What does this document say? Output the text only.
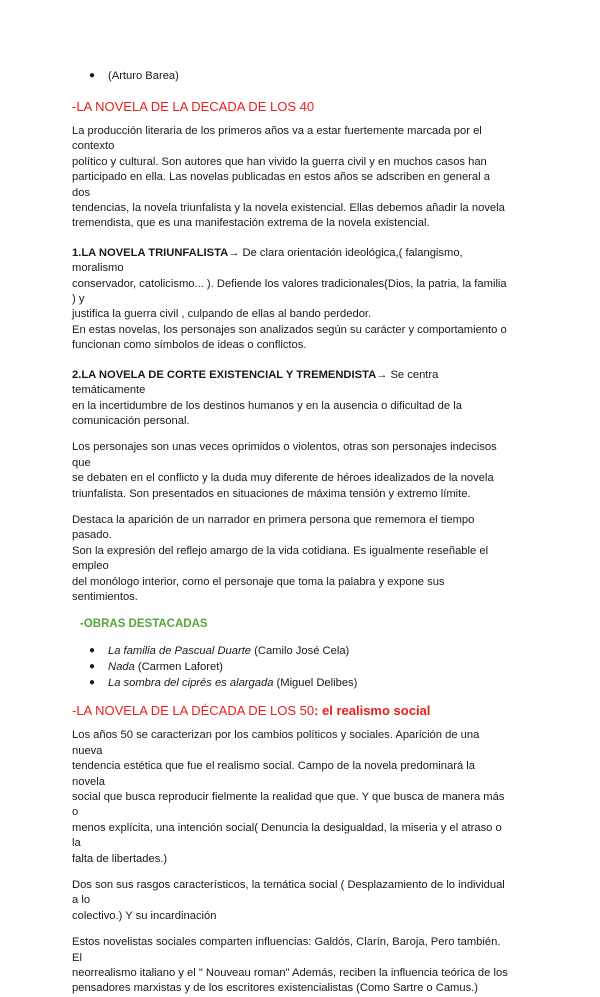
● (Arturo Barea)
-LA NOVELA DE LA DECADA DE LOS 40

La producción literaria de los primeros años va a estar fuertemente marcada por el contexto

político y cultural. Son autores que han vivido la guerra civil y en muchos casos han

participado en ella. Las novelas publicadas en estos años se adscriben en general a dos

tendencias, la novela triunfalista y la novela existencial. Ellas debemos añadir la novela

tremendista, que es una manifestación extrema de la novela existencial.

1.LA NOVELA TRIUNFALISTA→ De clara orientación ideológica,( falangismo, moralismo

conservador, catolicismo... ). Defiende los valores tradicionales(Dios, la patria, la familia ) y

justifica la guerra civil , culpando de ellas al bando perdedor.

En estas novelas, los personajes son analizados según su carácter y comportamiento o

funcionan como símbolos de ideas o conflictos.

2.LA NOVELA DE CORTE EXISTENCIAL Y TREMENDISTA→ Se centra temáticamente

en la incertidumbre de los destinos humanos y en la ausencia o dificultad de la

comunicación personal.

Los personajes son unas veces oprimidos o violentos, otras son personajes indecisos que

se debaten en el conflicto y la duda muy diferente de héroes idealizados de la novela

triunfalista. Son presentados en situaciones de máxima tensión y extremo límite.

Destaca la aparición de un narrador en primera persona que rememora el tiempo pasado.

Son la expresión del reflejo amargo de la vida cotidiana. Es igualmente reseñable el empleo

del monólogo interior, como el personaje que toma la palabra y expone sus sentimientos.

-OBRAS DESTACADAS
● La familia de Pascual Duarte (Camilo José Cela)
● Nada (Carmen Laforet)
● La sombra del ciprés es alargada (Miguel Delibes)
-LA NOVELA DE LA DÉCADA DE LOS 50: el realismo social

Los años 50 se caracterizan por los cambios políticos y sociales. Aparición de una nueva

tendencia estética que fue el realismo social. Campo de la novela predominará la novela

social que busca reproducir fielmente la realidad que que. Y que busca de manera más o

menos explícita, una intención social( Denuncia la desigualdad, la miseria y el atraso o la

falta de libertades.)

Dos son sus rasgos característicos, la temática social ( Desplazamiento de lo individual a lo

colectivo.) Y su incardinación

Estos novelistas sociales comparten influencias: Galdós, Clarín, Baroja, Pero también. El

neorrealismo italiano y el " Nouveau roman" Además, reciben la influencia teórica de los

pensadores marxistas y de los escritores existencialistas (Como Sartre o Camus.)
